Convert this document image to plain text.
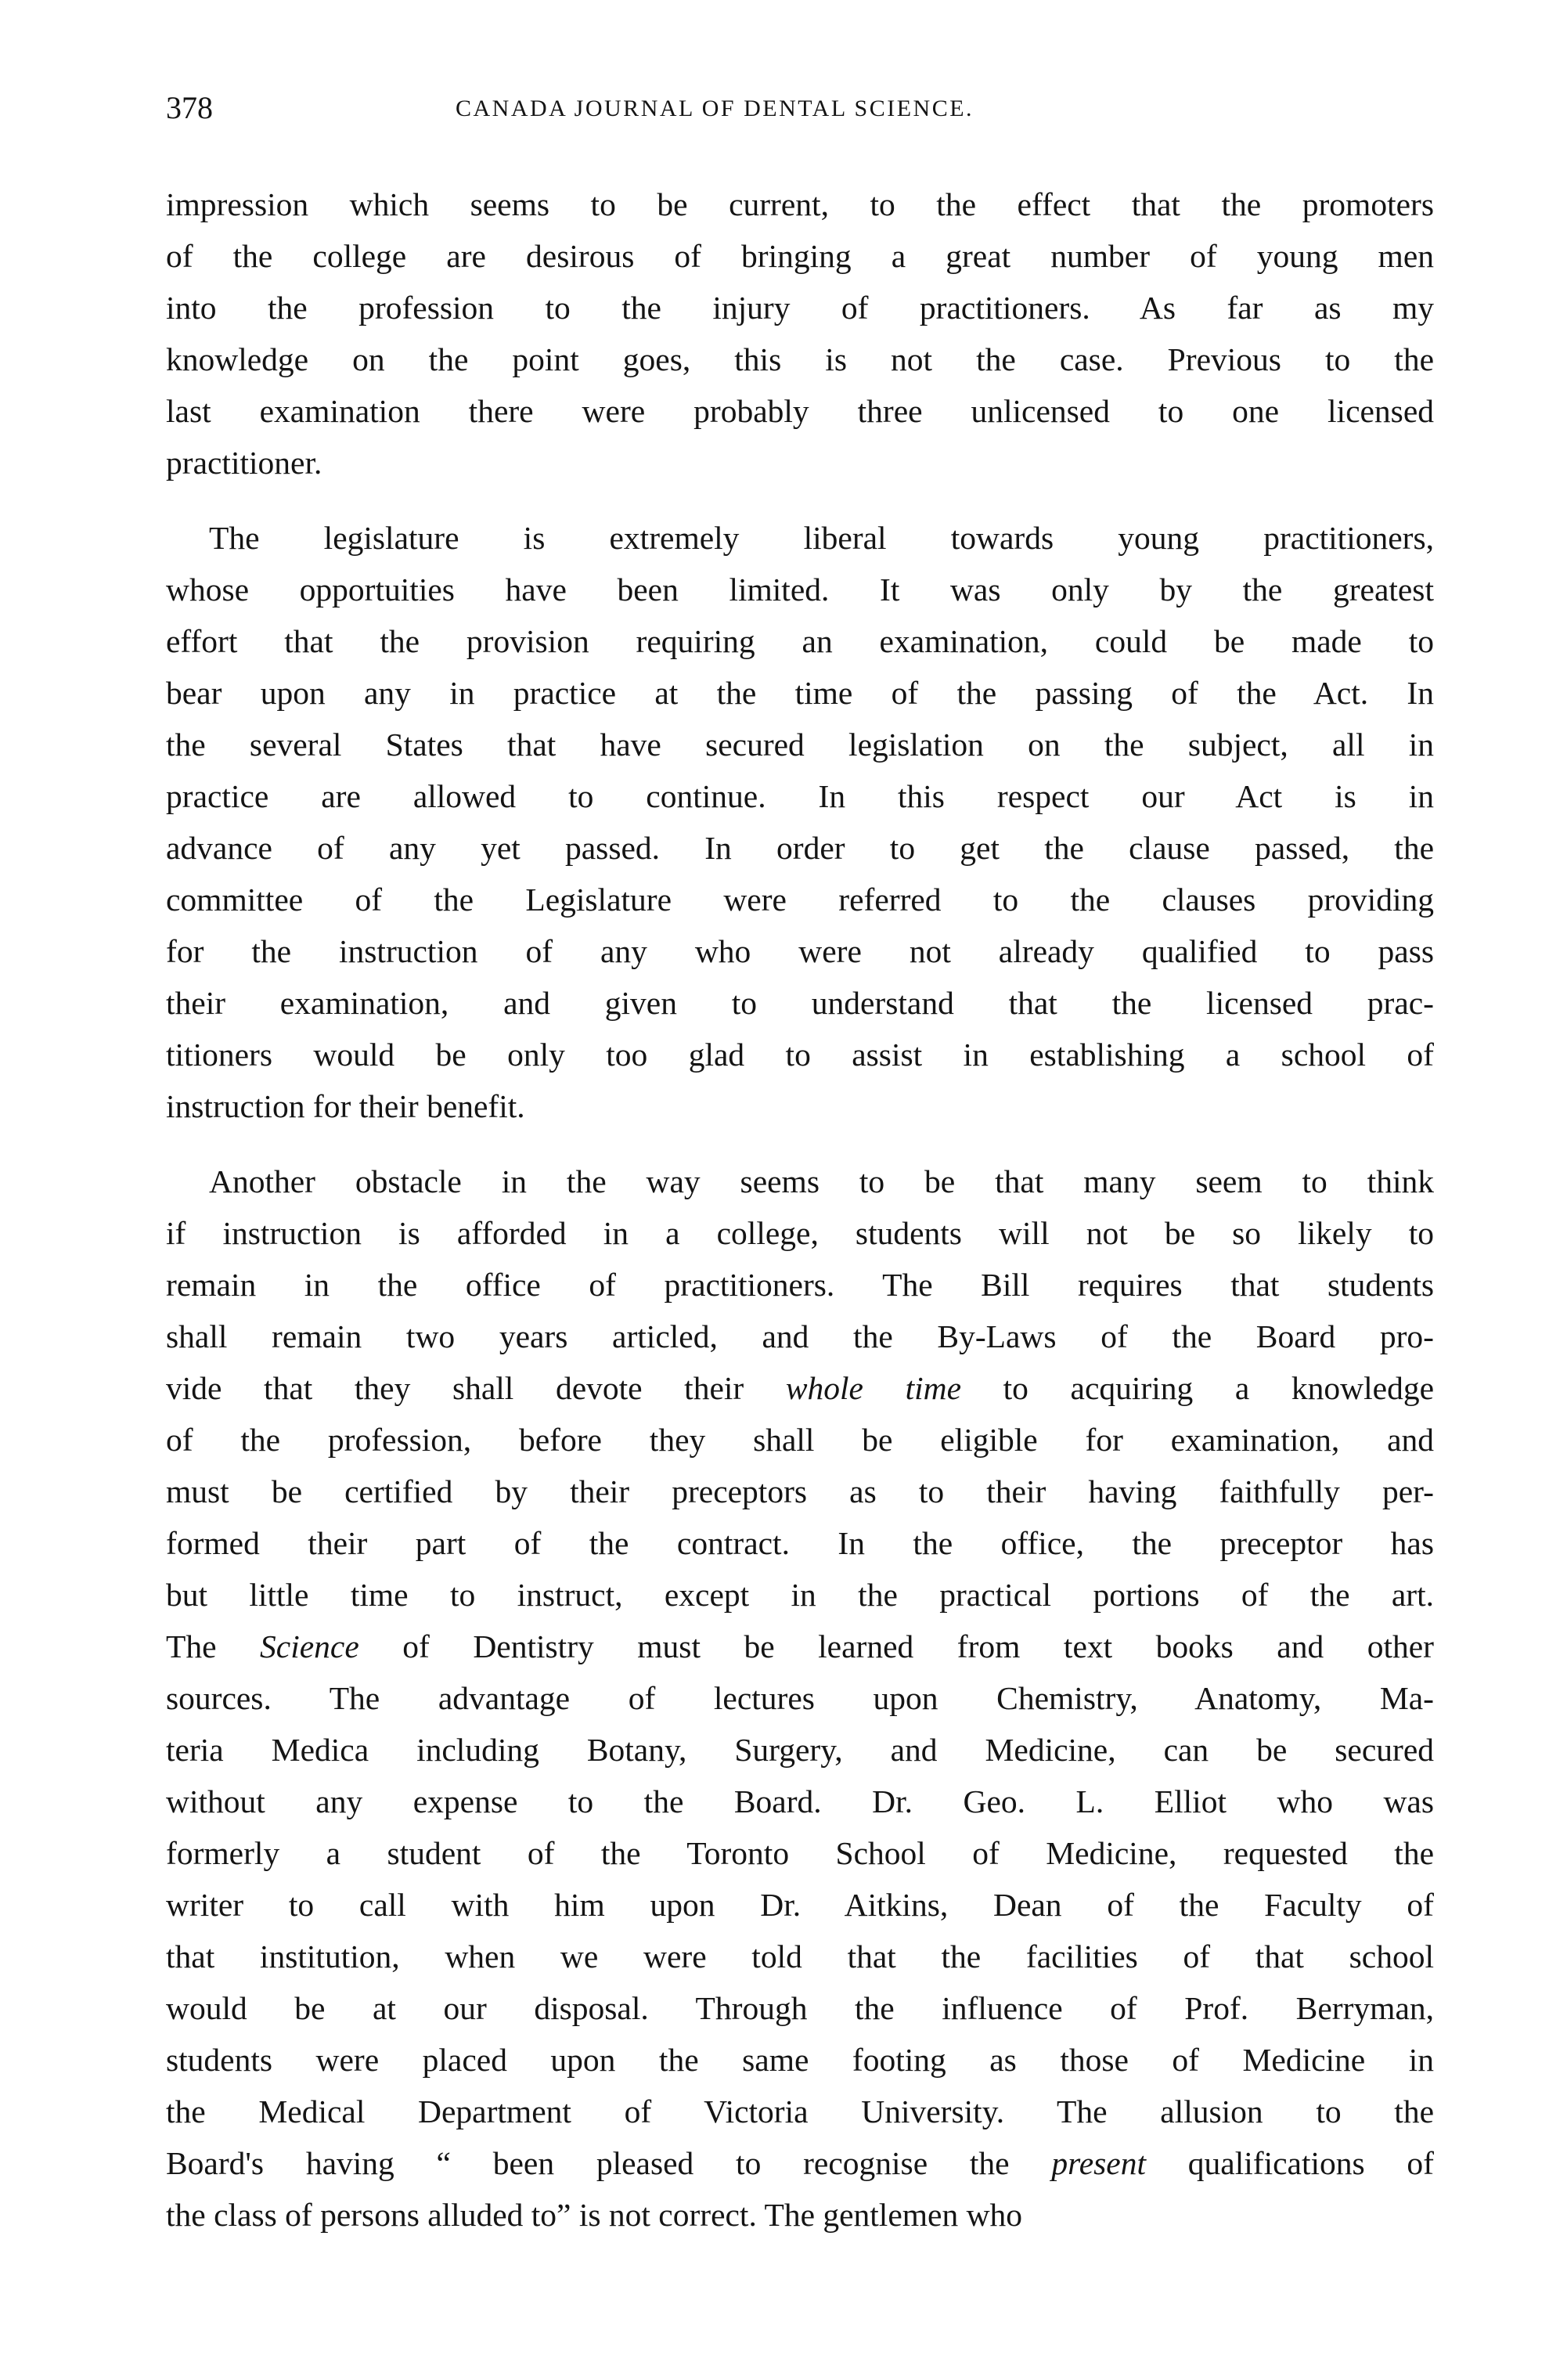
378	CANADA JOURNAL OF DENTAL SCIENCE.
impression which seems to be current, to the effect that the promoters
of the college are desirous of bringing a great number of young men
into the profession to the injury of practitioners. As far as my
knowledge on the point goes, this is not the case. Previous to the
last examination there were probably three unlicensed to one licensed
practitioner.
The legislature is extremely liberal towards young practitioners,
whose opportuities have been limited. It was only by the greatest
effort that the provision requiring an examination, could be made to
bear upon any in practice at the time of the passing of the Act. In
the several States that have secured legislation on the subject, all in
practice are allowed to continue. In this respect our Act is in
advance of any yet passed. In order to get the clause passed, the
committee of the Legislature were referred to the clauses providing
for the instruction of any who were not already qualified to pass
their examination, and given to understand that the licensed prac-
titioners would be only too glad to assist in establishing a school of
instruction for their benefit.
Another obstacle in the way seems to be that many seem to think
if instruction is afforded in a college, students will not be so likely to
remain in the office of practitioners. The Bill requires that students
shall remain two years articled, and the By-Laws of the Board pro-
vide that they shall devote their whole time to acquiring a knowledge
of the profession, before they shall be eligible for examination, and
must be certified by their preceptors as to their having faithfully per-
formed their part of the contract. In the office, the preceptor has
but little time to instruct, except in the practical portions of the art.
The Science of Dentistry must be learned from text books and other
sources. The advantage of lectures upon Chemistry, Anatomy, Ma-
teria Medica including Botany, Surgery, and Medicine, can be secured
without any expense to the Board. Dr. Geo. L. Elliot who was
formerly a student of the Toronto School of Medicine, requested the
writer to call with him upon Dr. Aitkins, Dean of the Faculty of
that institution, when we were told that the facilities of that school
would be at our disposal. Through the influence of Prof. Berryman,
students were placed upon the same footing as those of Medicine in
the Medical Department of Victoria University. The allusion to the
Board's having “ been pleased to recognise the present qualifications of
the class of persons alluded to” is not correct. The gentlemen who
